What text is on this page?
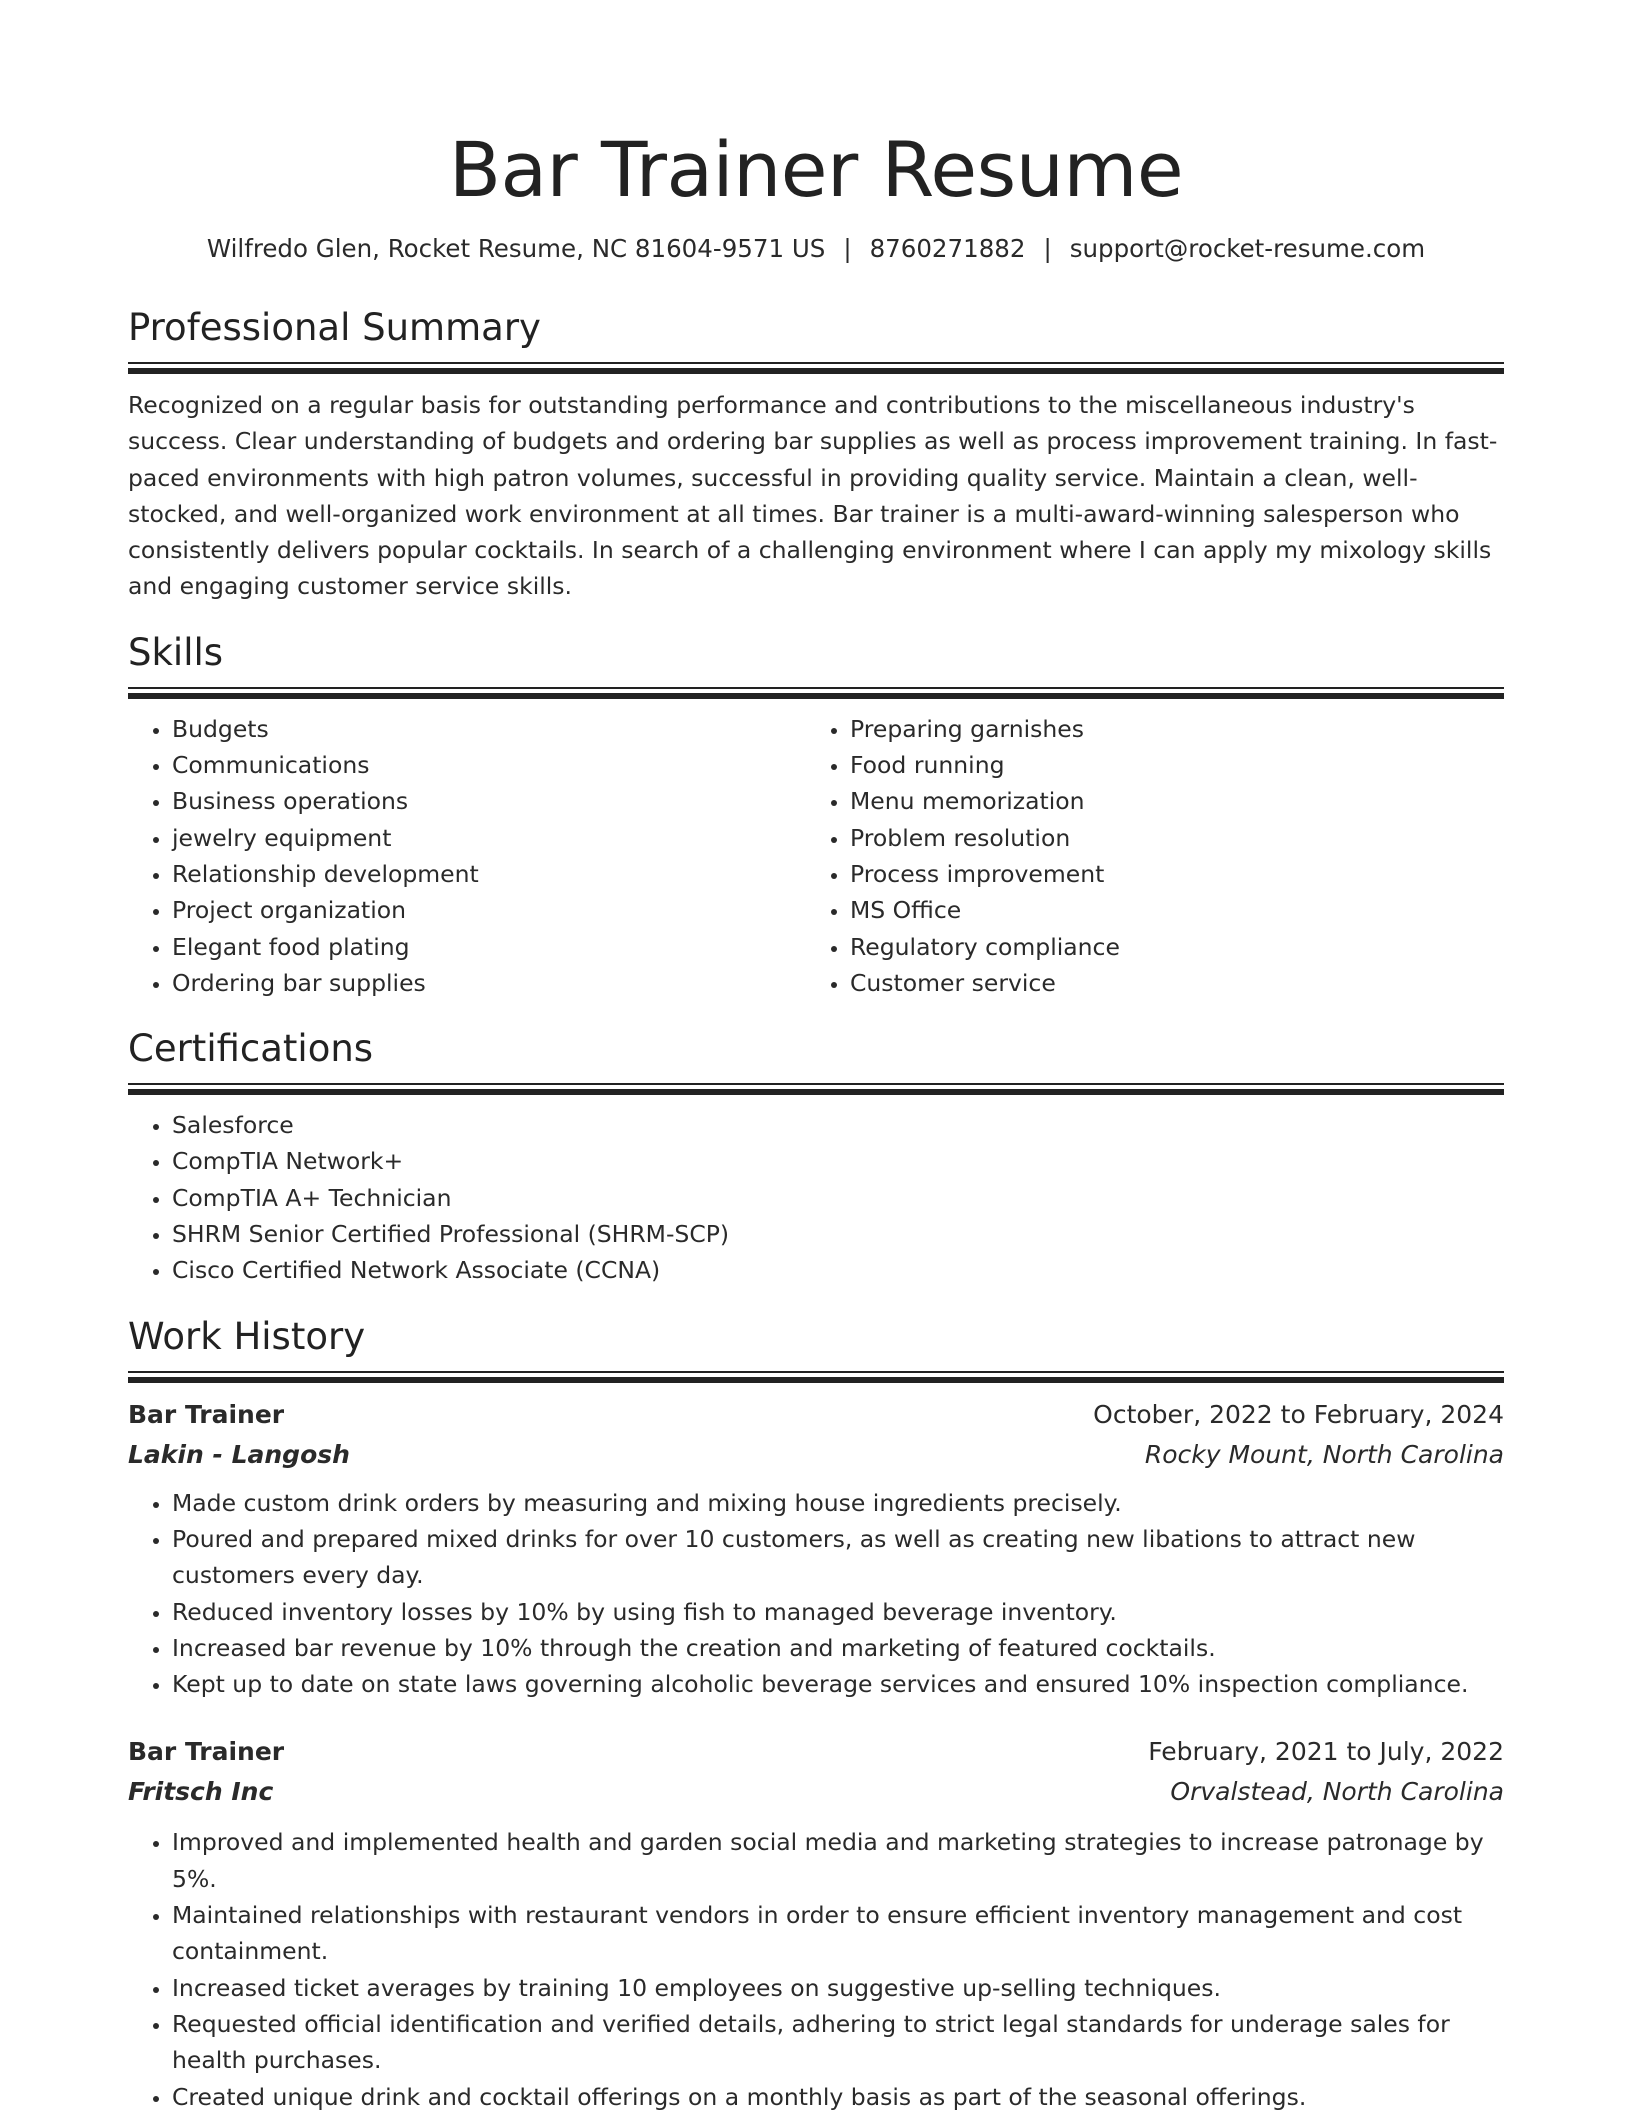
Bar Trainer Resume
Wilfredo Glen, Rocket Resume, NC 81604-9571 US | 8760271882 | support@rocket-resume.com
Professional Summary

Recognized on a regular basis for outstanding performance and contributions to the miscellaneous industry's success. Clear understanding of budgets and ordering bar supplies as well as process improvement training. In fast-paced environments with high patron volumes, successful in providing quality service. Maintain a clean, well-stocked, and well-organized work environment at all times. Bar trainer is a multi-award-winning salesperson who consistently delivers popular cocktails. In search of a challenging environment where I can apply my mixology skills and engaging customer service skills.

Skills
• Budgets
• Communications
• Business operations
• jewelry equipment
• Relationship development
• Project organization
• Elegant food plating
• Ordering bar supplies
• Preparing garnishes
• Food running
• Menu memorization
• Problem resolution
• Process improvement
• MS Office
• Regulatory compliance
• Customer service
Certifications
• Salesforce
• CompTIA Network+
• CompTIA A+ Technician
• SHRM Senior Certified Professional (SHRM-SCP)
• Cisco Certified Network Associate (CCNA)
Work History
Bar Trainer	October, 2022 to February, 2024
Lakin - Langosh	Rocky Mount, North Carolina
• Made custom drink orders by measuring and mixing house ingredients precisely.
• Poured and prepared mixed drinks for over 10 customers, as well as creating new libations to attract new customers every day.
• Reduced inventory losses by 10% by using fish to managed beverage inventory.
• Increased bar revenue by 10% through the creation and marketing of featured cocktails.
• Kept up to date on state laws governing alcoholic beverage services and ensured 10% inspection compliance.
Bar Trainer	February, 2021 to July, 2022
Fritsch Inc	Orvalstead, North Carolina
• Improved and implemented health and garden social media and marketing strategies to increase patronage by 5%.
• Maintained relationships with restaurant vendors in order to ensure efficient inventory management and cost containment.
• Increased ticket averages by training 10 employees on suggestive up-selling techniques.
• Requested official identification and verified details, adhering to strict legal standards for underage sales for health purchases.
• Created unique drink and cocktail offerings on a monthly basis as part of the seasonal offerings.
